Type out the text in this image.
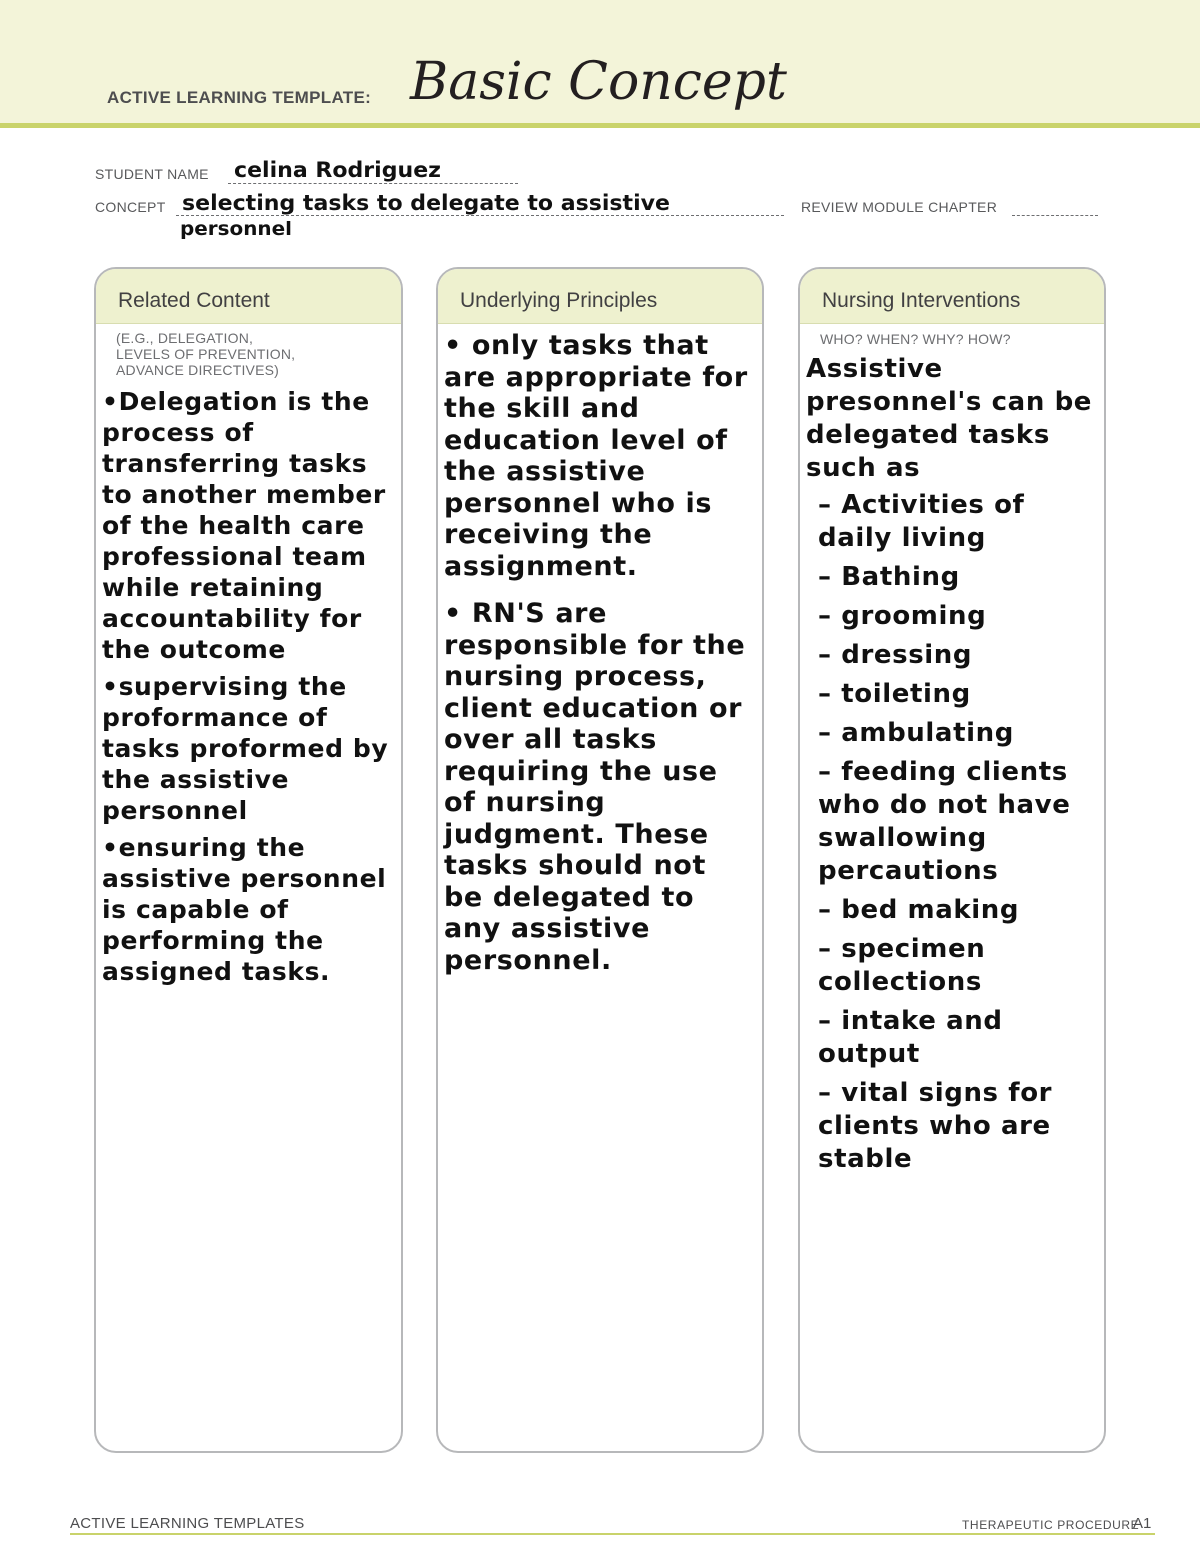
ACTIVE LEARNING TEMPLATE: Basic Concept
STUDENT NAME celina Rodriguez
CONCEPT selecting tasks to delegate to assistive
personnel
REVIEW MODULE CHAPTER
Related Content
(E.G., DELEGATION,
LEVELS OF PREVENTION,
ADVANCE DIRECTIVES)

•Delegation is the process of transferring tasks to another member of the health care professional team while retaining accountability for the outcome

•supervising the proformance of tasks proformed by the assistive personnel

•ensuring the assistive personnel is capable of performing the assigned tasks.

Underlying Principles

• only tasks that are appropriate for the skill and education level of the assistive personnel who is receiving the assignment.

• RN'S are responsible for the nursing process, client education or over all tasks requiring the use of nursing judgment. These tasks should not be delegated to any assistive personnel.

Nursing Interventions
WHO? WHEN? WHY? HOW?

Assistive presonnel's can be delegated tasks such as

– Activities of daily living

– Bathing

– grooming

– dressing

– toileting

– ambulating

– feeding clients who do not have swallowing percautions

– bed making

– specimen collections

– intake and output

– vital signs for clients who are stable

ACTIVE LEARNING TEMPLATES	THERAPEUTIC PROCEDURE
A1
